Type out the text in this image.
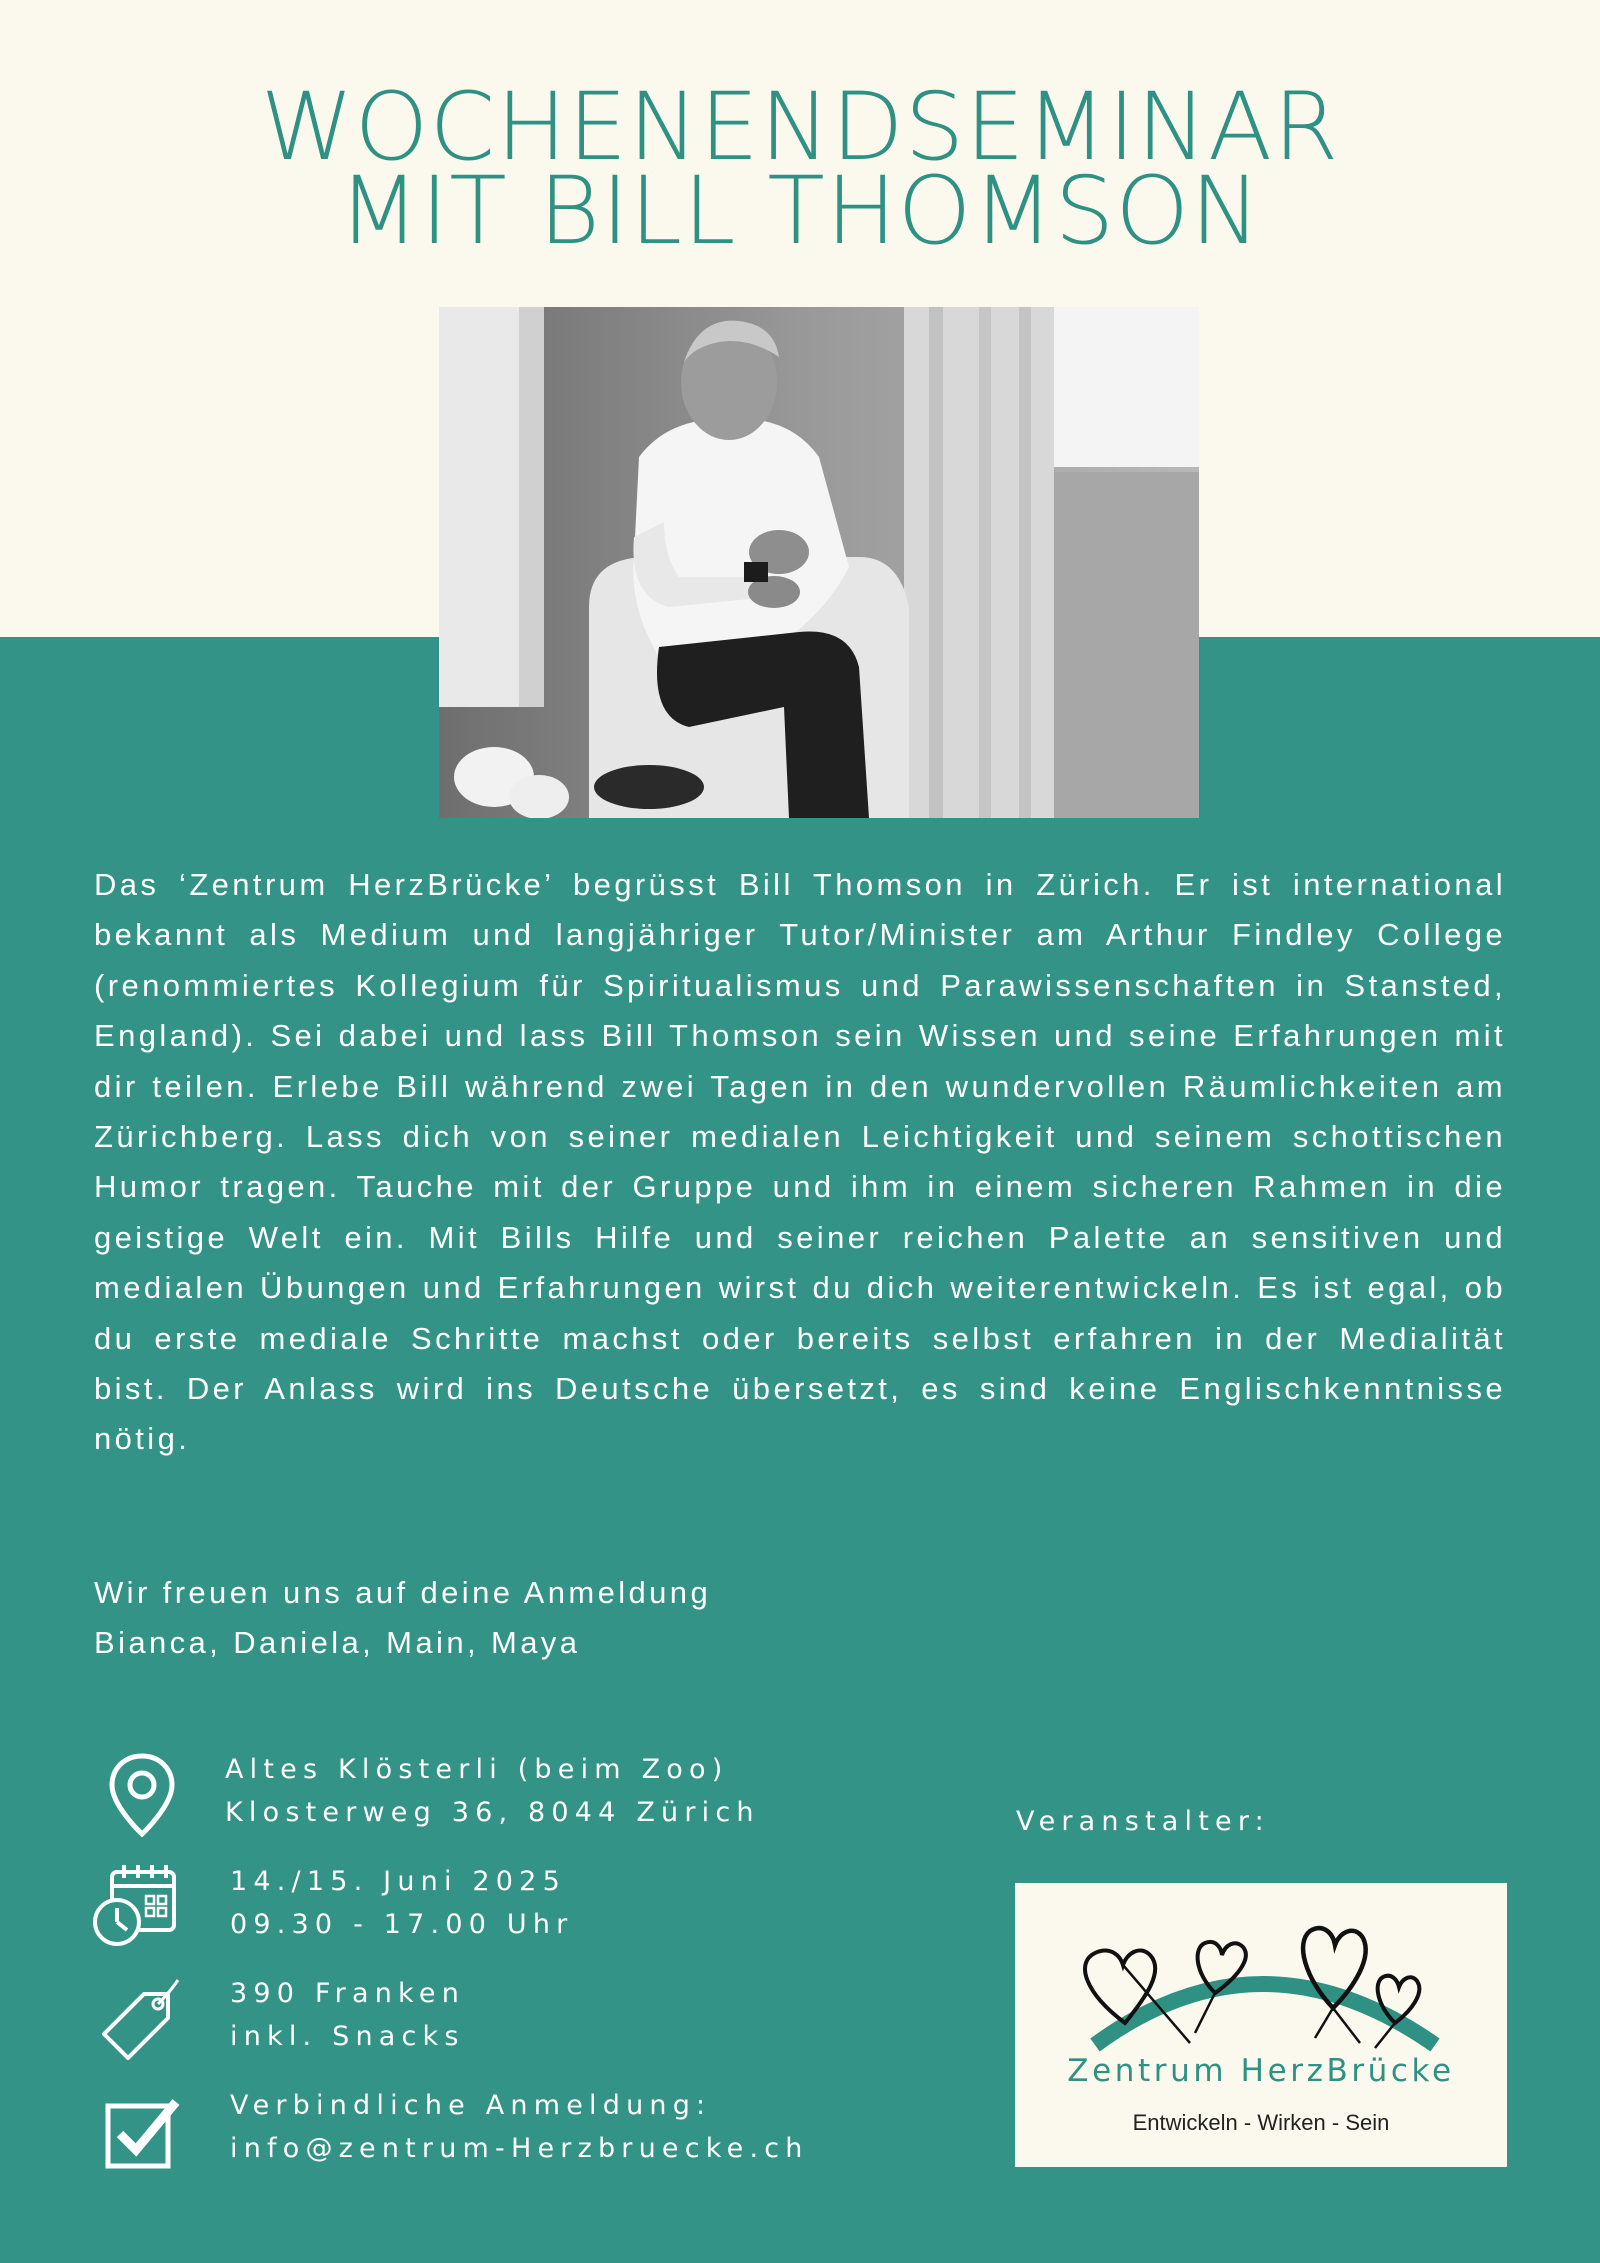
WOCHENENDSEMINAR
MIT BILL THOMSON

Das ‘Zentrum HerzBrücke’ begrüsst Bill Thomson in Zürich. Er ist international bekannt als Medium und langjähriger Tutor/Minister am Arthur Findley College (renommiertes Kollegium für Spiritualismus und Parawissenschaften in Stansted, England). Sei dabei und lass Bill Thomson sein Wissen und seine Erfahrungen mit dir teilen. Erlebe Bill während zwei Tagen in den wundervollen Räumlichkeiten am Zürichberg. Lass dich von seiner medialen Leichtigkeit und seinem schottischen Humor tragen. Tauche mit der Gruppe und ihm in einem sicheren Rahmen in die geistige Welt ein. Mit Bills Hilfe und seiner reichen Palette an sensitiven und medialen Übungen und Erfahrungen wirst du dich weiterentwickeln. Es ist egal, ob du erste mediale Schritte machst oder bereits selbst erfahren in der Medialität bist. Der Anlass wird ins Deutsche übersetzt, es sind keine Englischkenntnisse nötig.

Wir freuen uns auf deine Anmeldung
Bianca, Daniela, Main, Maya
Altes Klösterli (beim Zoo)
Klosterweg 36, 8044 Zürich
14./15. Juni 2025
09.30 - 17.00 Uhr
390 Franken
inkl. Snacks
Verbindliche Anmeldung:
info@zentrum-Herzbruecke.ch
Veranstalter:
Zentrum HerzBrücke
Entwickeln - Wirken - Sein
